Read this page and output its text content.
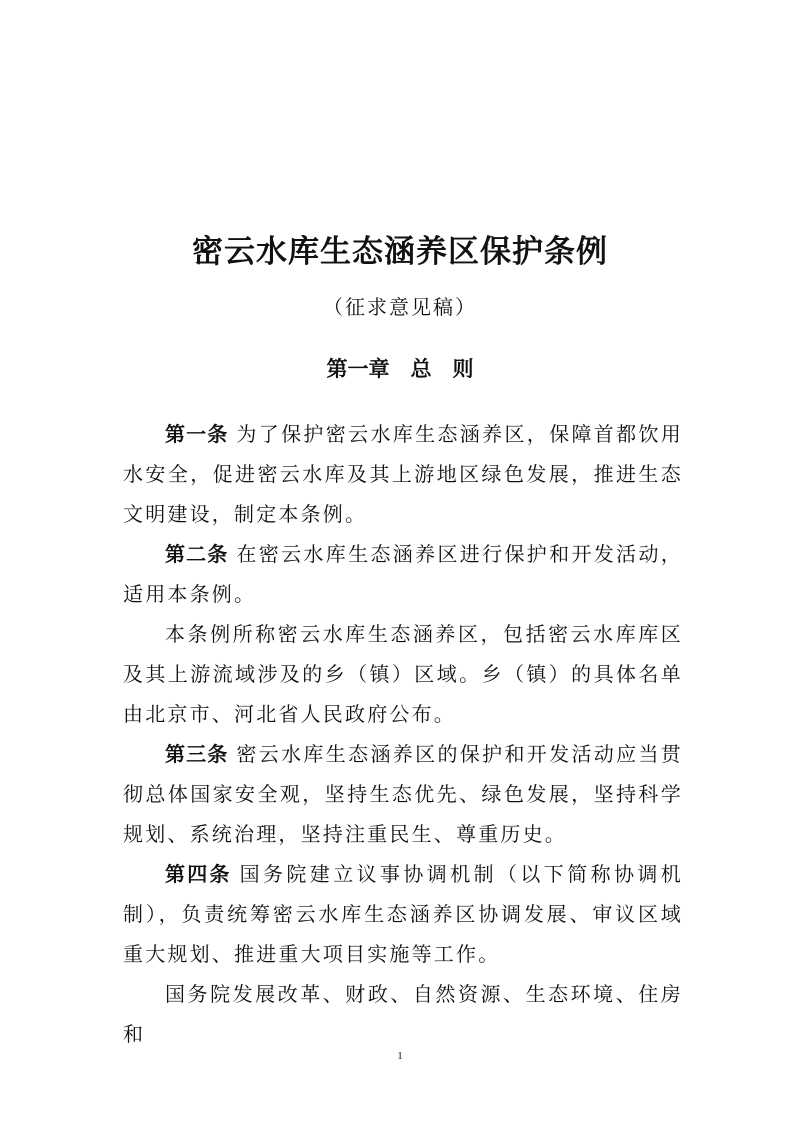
密云水库生态涵养区保护条例
（征求意见稿）
第一章　总　则

第一条 为了保护密云水库生态涵养区，保障首都饮用水安全，促进密云水库及其上游地区绿色发展，推进生态文明建设，制定本条例。

第二条 在密云水库生态涵养区进行保护和开发活动，适用本条例。

本条例所称密云水库生态涵养区，包括密云水库库区及其上游流域涉及的乡（镇）区域。乡（镇）的具体名单由北京市、河北省人民政府公布。

第三条 密云水库生态涵养区的保护和开发活动应当贯彻总体国家安全观，坚持生态优先、绿色发展，坚持科学规划、系统治理，坚持注重民生、尊重历史。

第四条 国务院建立议事协调机制（以下简称协调机制），负责统筹密云水库生态涵养区协调发展、审议区域重大规划、推进重大项目实施等工作。

国务院发展改革、财政、自然资源、生态环境、住房和

1
